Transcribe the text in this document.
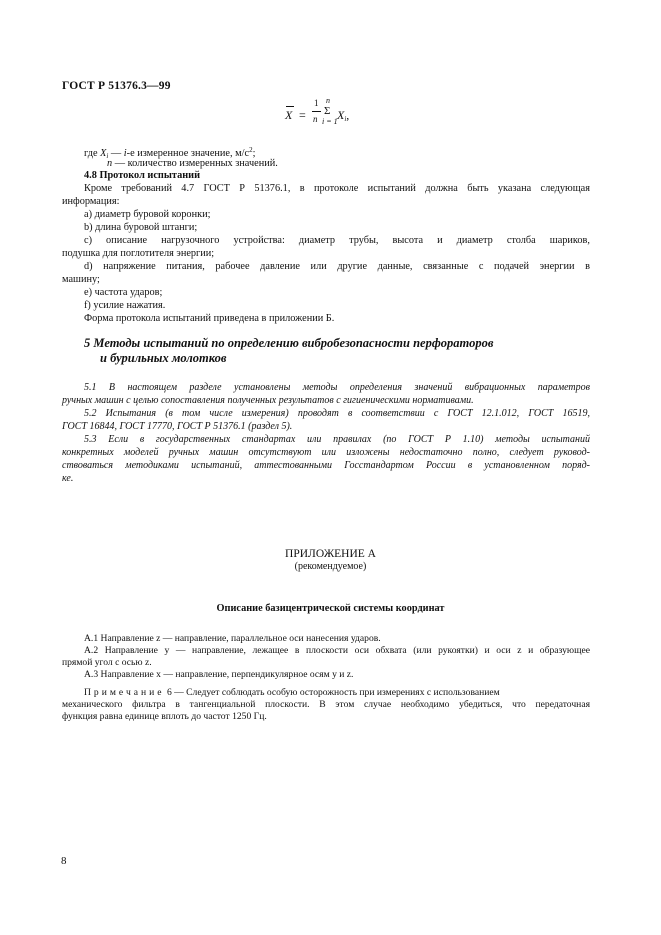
ГОСТ Р 51376.3—99
X =
1
n
n
Σ
i = 1 Xi,
где Xi — i-е измеренное значение, $м/с^2$;
n — количество измеренных значений.
4.8 Протокол испытаний
Кроме требований 4.7 ГОСТ Р 51376.1, в протоколе испытаний должна быть указана следующая
информация:
a) диаметр буровой коронки;
b) длина буровой штанги;
c) описание нагрузочного устройства: диаметр трубы, высота и диаметр столба шариков,
подушка для поглотителя энергии;
d) напряжение питания, рабочее давление или другие данные, связанные с подачей энергии в
машину;
e) частота ударов;
f) усилие нажатия.
Форма протокола испытаний приведена в приложении Б.
5 Методы испытаний по определению вибробезопасности перфораторов
и бурильных молотков
5.1 В настоящем разделе установлены методы определения значений вибрационных параметров
ручных машин с целью сопоставления полученных результатов с гигиеническими нормативами.
5.2 Испытания (в том числе измерения) проводят в соответствии с ГОСТ 12.1.012, ГОСТ 16519,
ГОСТ 16844, ГОСТ 17770, ГОСТ Р 51376.1 (раздел 5).
5.3 Если в государственных стандартах или правилах (по ГОСТ Р 1.10) методы испытаний
конкретных моделей ручных машин отсутствуют или изложены недостаточно полно, следует руковод-
ствоваться методиками испытаний, аттестованными Госстандартом России в установленном поряд-
ке.
ПРИЛОЖЕНИЕ А
(рекомендуемое)
Описание базицентрической системы координат
A.1 Направление z — направление, параллельное оси нанесения ударов.
A.2 Направление y — направление, лежащее в плоскости оси обхвата (или рукоятки) и оси z и образующее
прямой угол с осью z.
A.3 Направление x — направление, перпендикулярное осям y и z.
Примечание 6 — Следует соблюдать особую осторожность при измерениях с использованием
механического фильтра в тангенциальной плоскости. В этом случае необходимо убедиться, что передаточная
функция равна единице вплоть до частот 1250 Гц.
8
